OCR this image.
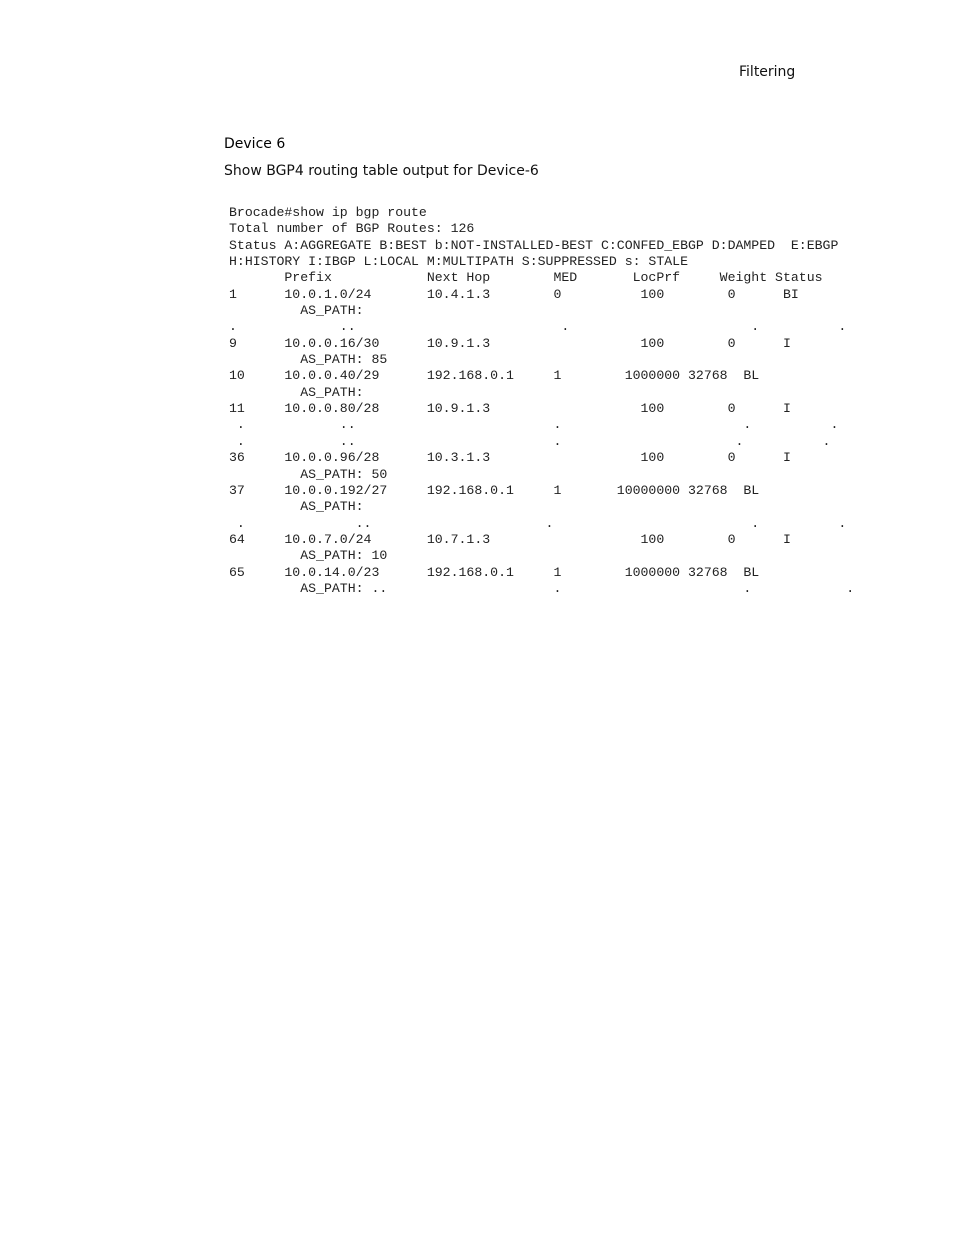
Filtering
Device 6
Show BGP4 routing table output for Device-6
Brocade#show ip bgp route
Total number of BGP Routes: 126
Status A:AGGREGATE B:BEST b:NOT-INSTALLED-BEST C:CONFED_EBGP D:DAMPED  E:EBGP
H:HISTORY I:IBGP L:LOCAL M:MULTIPATH S:SUPPRESSED s: STALE
Prefix            Next Hop        MED       LocPrf     Weight Status
1      10.0.1.0/24       10.4.1.3        0          100        0      BI
AS_PATH:
.             ..                          .                       .          .
9      10.0.0.16/30      10.9.1.3                   100        0      I
AS_PATH: 85
10     10.0.0.40/29      192.168.0.1     1        1000000 32768  BL
AS_PATH:
11     10.0.0.80/28      10.9.1.3                   100        0      I
.            ..                         .                       .          .
.            ..                         .                      .          .
36     10.0.0.96/28      10.3.1.3                   100        0      I
AS_PATH: 50
37     10.0.0.192/27     192.168.0.1     1       10000000 32768  BL
AS_PATH:
.              ..                      .                         .          .
64     10.0.7.0/24       10.7.1.3                   100        0      I
AS_PATH: 10
65     10.0.14.0/23      192.168.0.1     1        1000000 32768  BL
AS_PATH: ..                     .                       .            .
